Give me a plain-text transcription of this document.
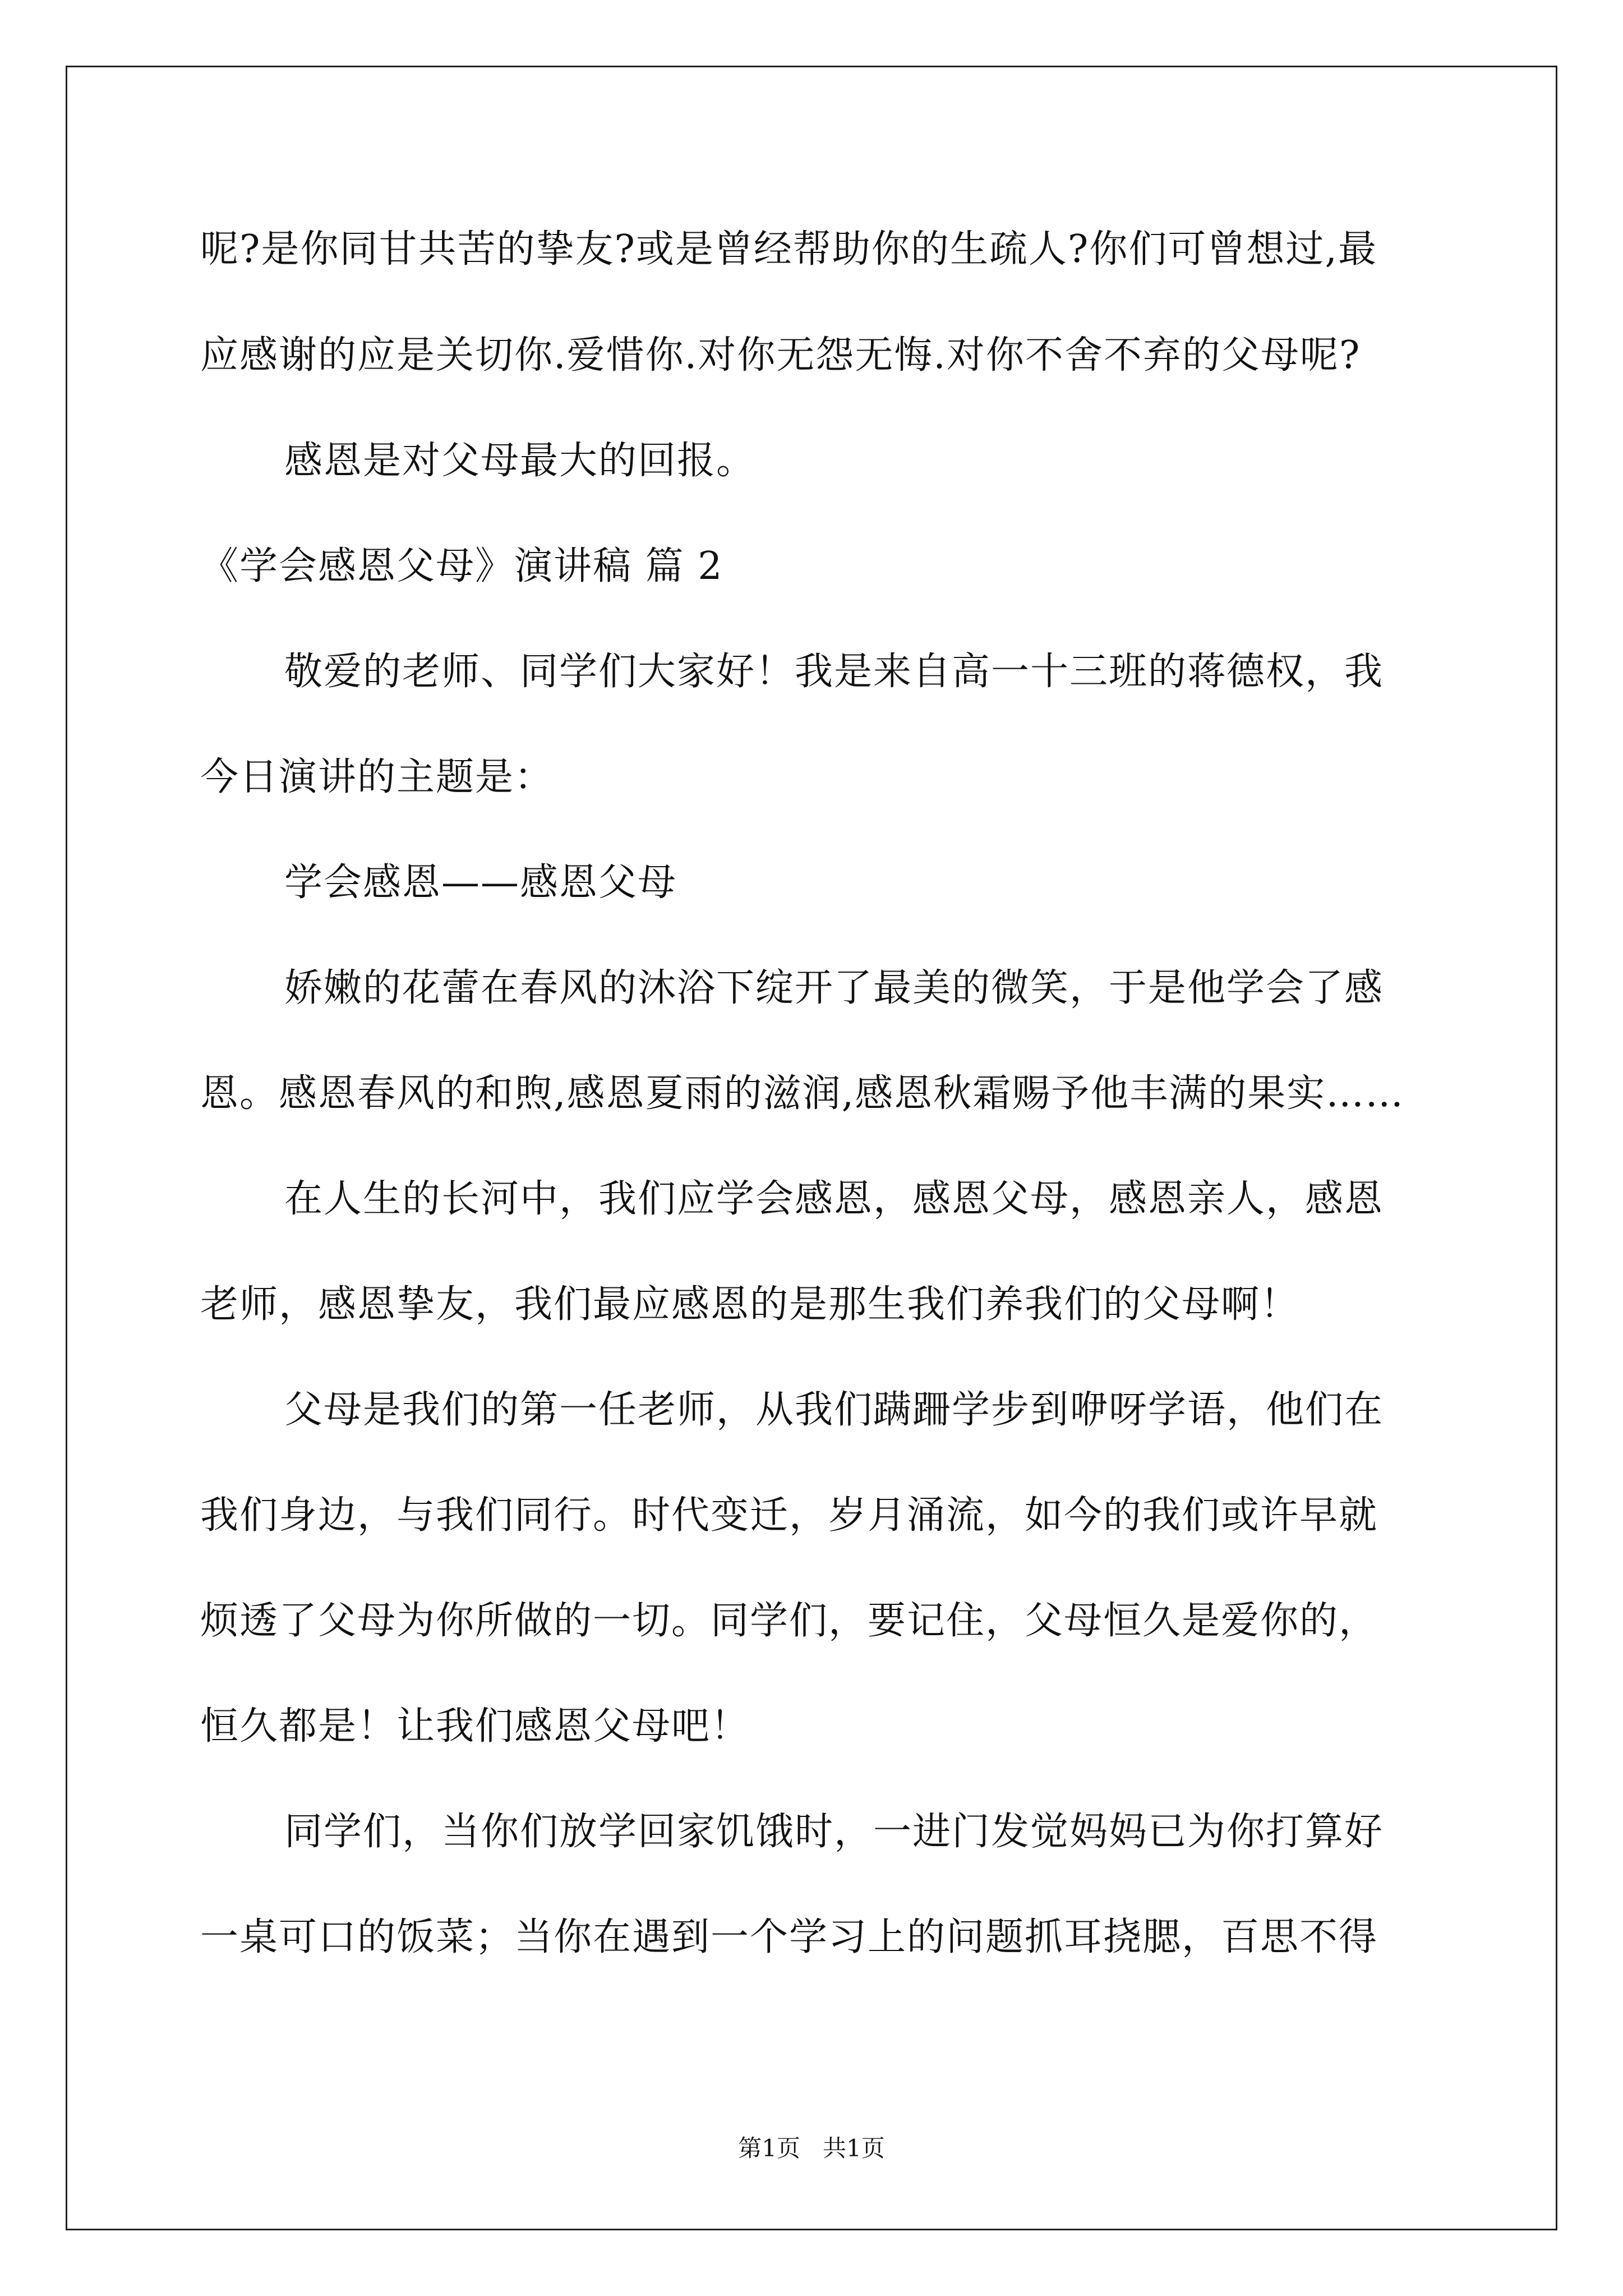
呢?是你同甘共苦的挚友?或是曾经帮助你的生疏人?你们可曾想过,最
应感谢的应是关切你.爱惜你.对你无怨无悔.对你不舍不弃的父母呢?
感恩是对父母最大的回报。
《学会感恩父母》演讲稿 篇 2
敬爱的老师、同学们大家好！我是来自高一十三班的蒋德权，我
今日演讲的主题是：
学会感恩——感恩父母
娇嫩的花蕾在春风的沐浴下绽开了最美的微笑，于是他学会了感
恩。感恩春风的和煦,感恩夏雨的滋润,感恩秋霜赐予他丰满的果实……
在人生的长河中，我们应学会感恩，感恩父母，感恩亲人，感恩
老师，感恩挚友，我们最应感恩的是那生我们养我们的父母啊！
父母是我们的第一任老师，从我们蹒跚学步到咿呀学语，他们在
我们身边，与我们同行。时代变迁，岁月涌流，如今的我们或许早就
烦透了父母为你所做的一切。同学们，要记住，父母恒久是爱你的，
恒久都是！让我们感恩父母吧！
同学们，当你们放学回家饥饿时，一进门发觉妈妈已为你打算好
一桌可口的饭菜；当你在遇到一个学习上的问题抓耳挠腮，百思不得
第1页   共1页
